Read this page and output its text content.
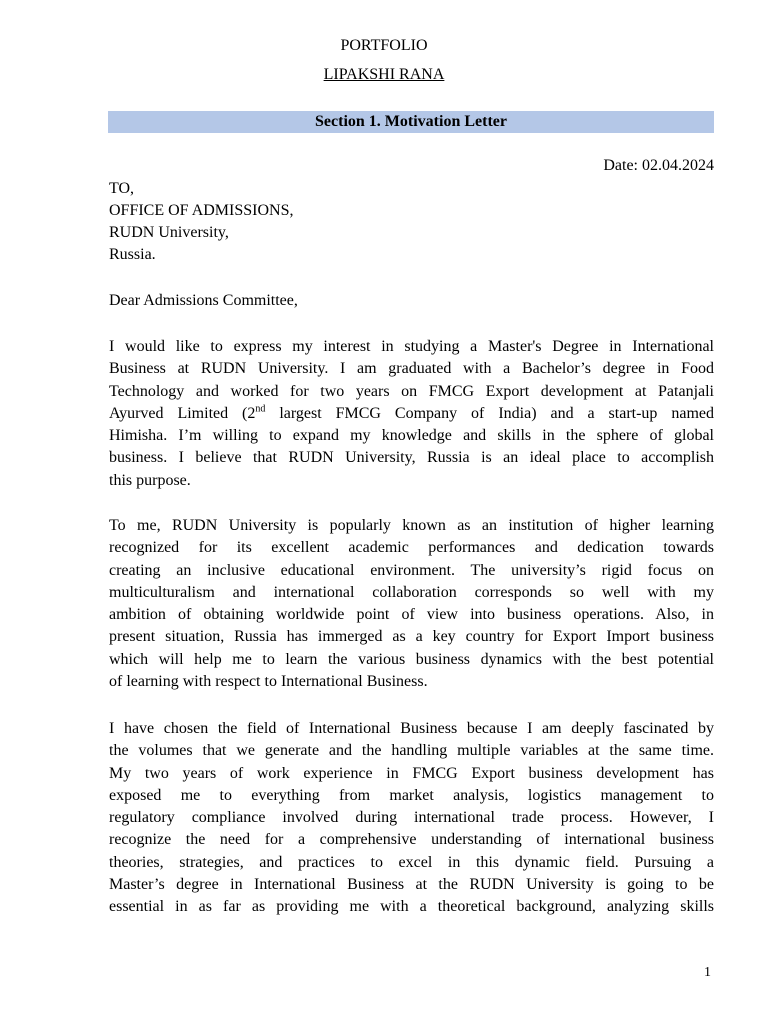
PORTFOLIO
LIPAKSHI RANA
Section 1. Motivation Letter
Date: 02.04.2024
TO,
OFFICE OF ADMISSIONS,
RUDN University,
Russia.
Dear Admissions Committee,
I would like to express my interest in studying a Master's Degree in International
Business at RUDN University. I am graduated with a Bachelor’s degree in Food
Technology and worked for two years on FMCG Export development at Patanjali
Ayurved Limited (2nd largest FMCG Company of India) and a start-up named
Himisha. I’m willing to expand my knowledge and skills in the sphere of global
business. I believe that RUDN University, Russia is an ideal place to accomplish
this purpose.
To me, RUDN University is popularly known as an institution of higher learning
recognized for its excellent academic performances and dedication towards
creating an inclusive educational environment. The university’s rigid focus on
multiculturalism and international collaboration corresponds so well with my
ambition of obtaining worldwide point of view into business operations. Also, in
present situation, Russia has immerged as a key country for Export Import business
which will help me to learn the various business dynamics with the best potential
of learning with respect to International Business.
I have chosen the field of International Business because I am deeply fascinated by
the volumes that we generate and the handling multiple variables at the same time.
My two years of work experience in FMCG Export business development has
exposed me to everything from market analysis, logistics management to
regulatory compliance involved during international trade process. However, I
recognize the need for a comprehensive understanding of international business
theories, strategies, and practices to excel in this dynamic field. Pursuing a
Master’s degree in International Business at the RUDN University is going to be
essential in as far as providing me with a theoretical background, analyzing skills
1
